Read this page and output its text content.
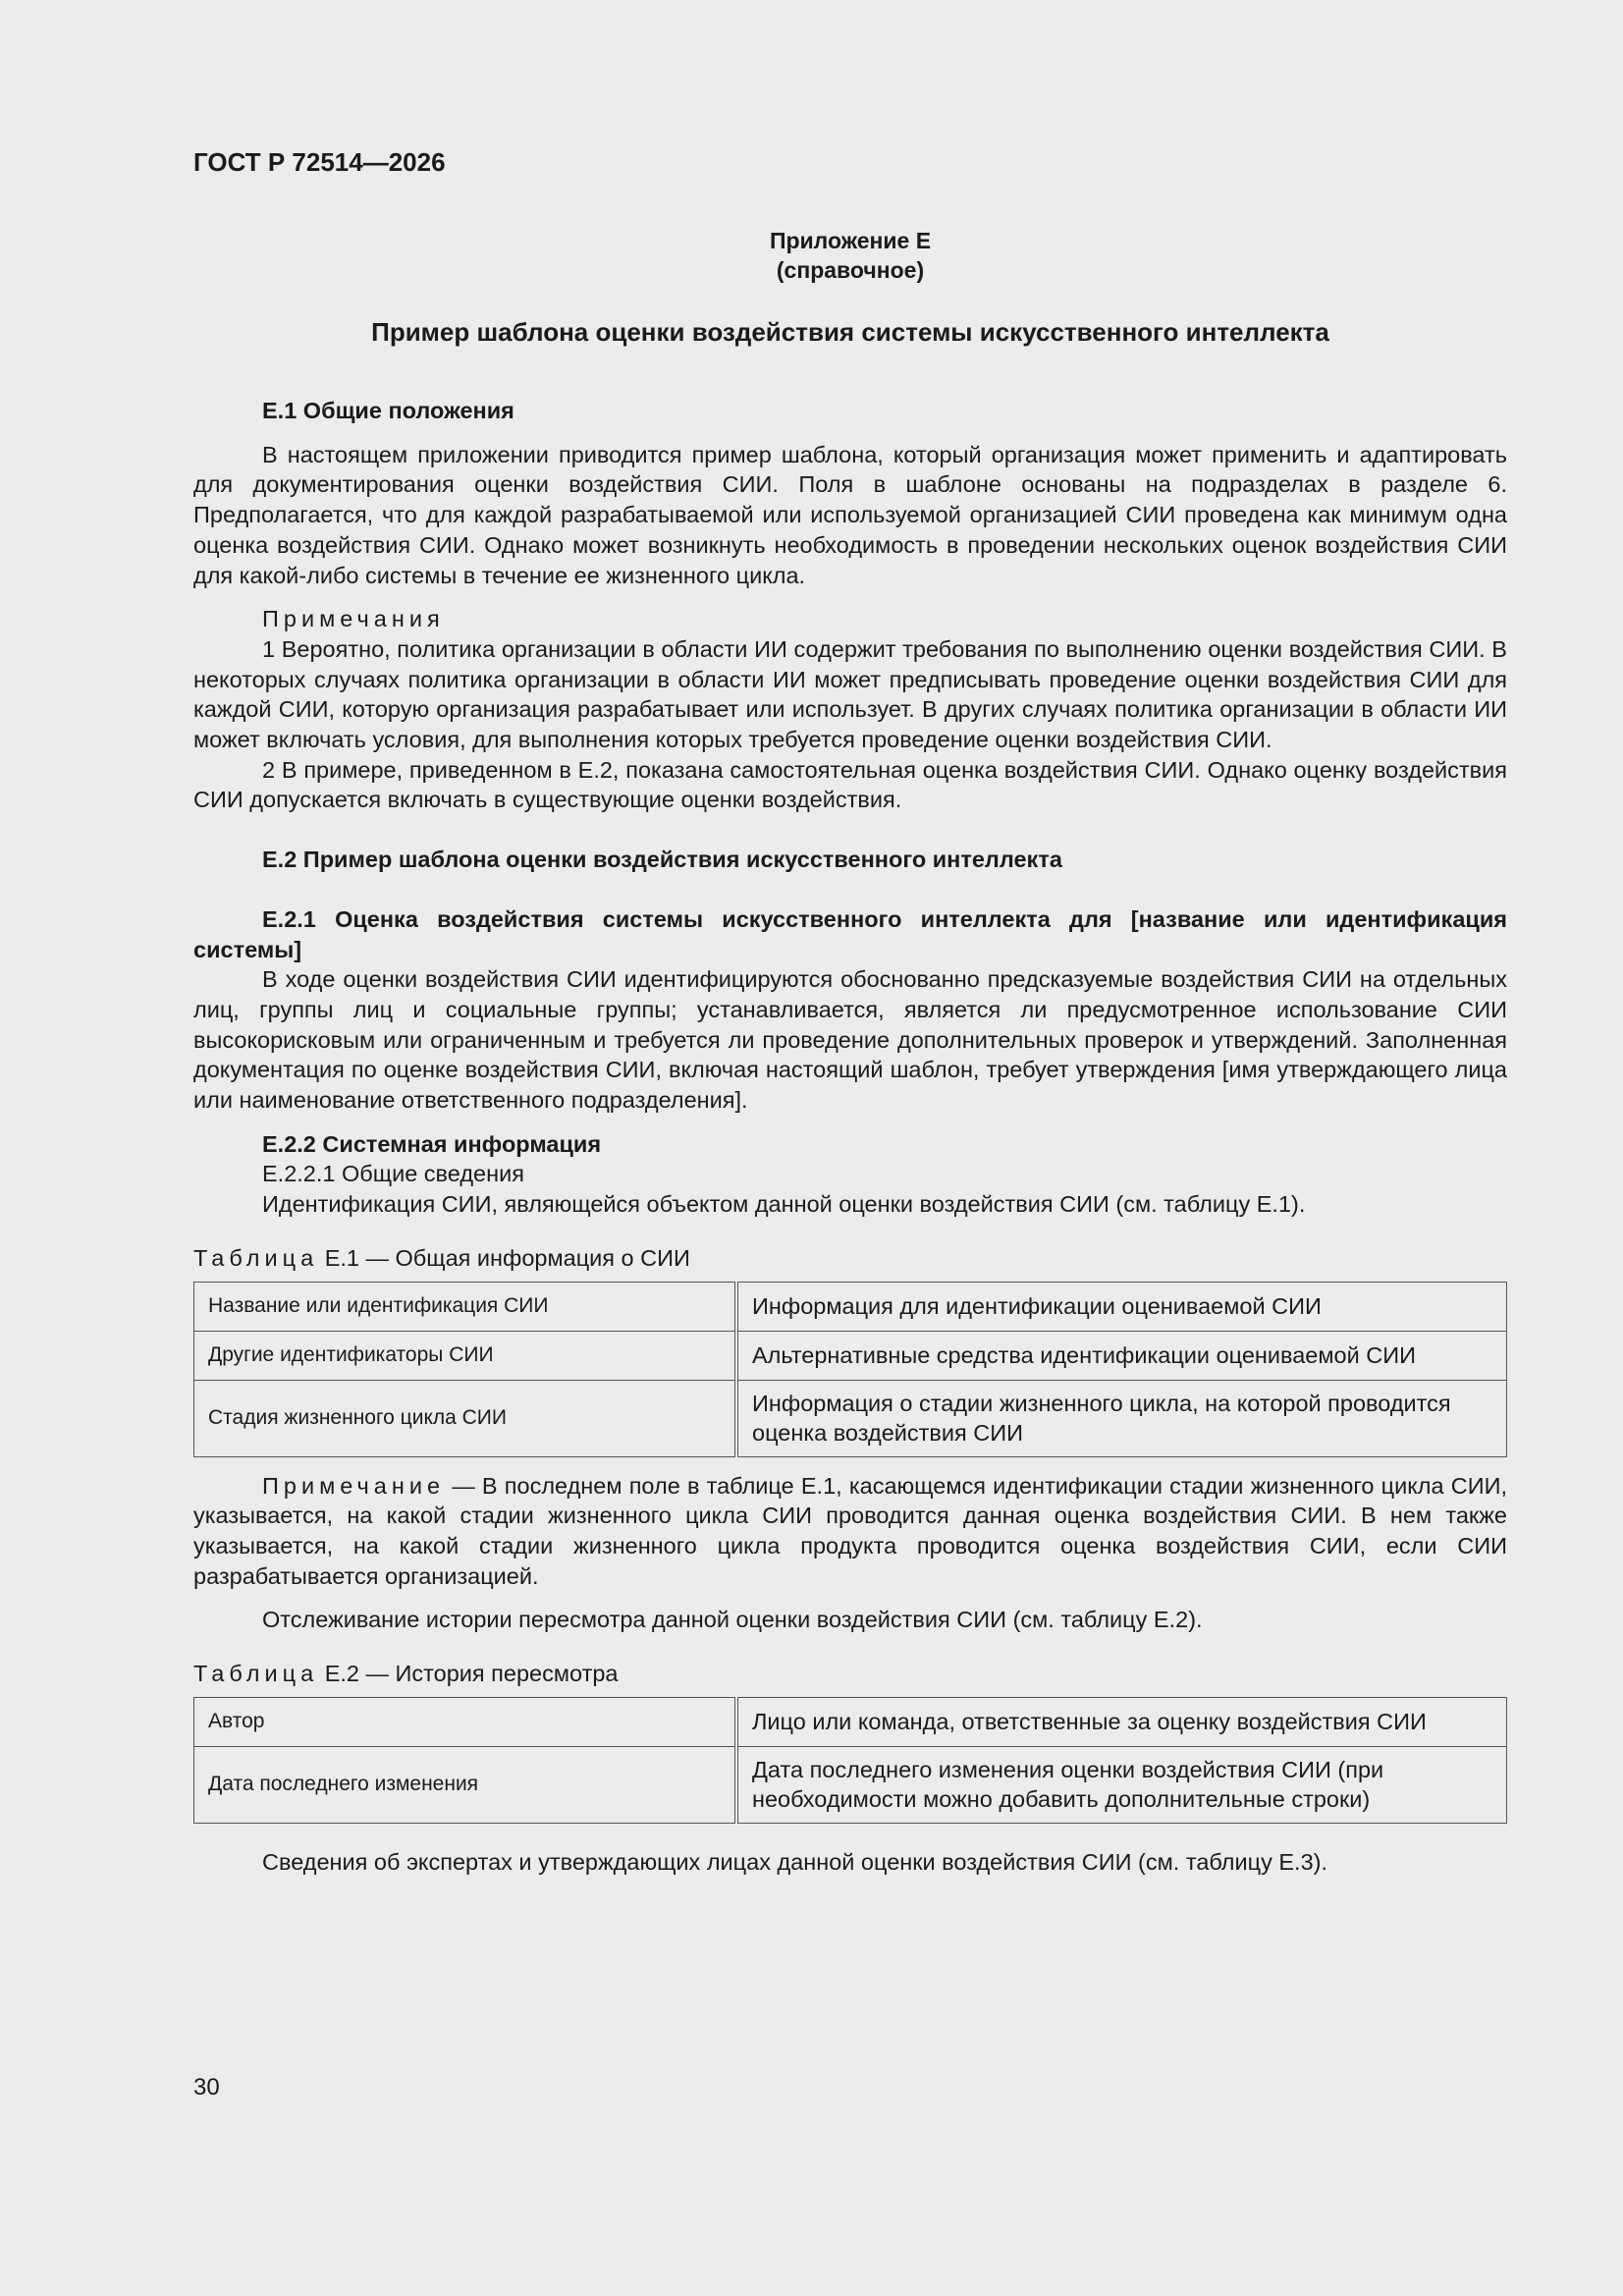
ГОСТ Р 72514—2026
Приложение Е
(справочное)
Пример шаблона оценки воздействия системы искусственного интеллекта

Е.1 Общие положения

В настоящем приложении приводится пример шаблона, который организация может применить и адаптировать для документирования оценки воздействия СИИ. Поля в шаблоне основаны на подразделах в разделе 6. Предполагается, что для каждой разрабатываемой или используемой организацией СИИ проведена как минимум одна оценка воздействия СИИ. Однако может возникнуть необходимость в проведении нескольких оценок воздействия СИИ для какой-либо системы в течение ее жизненного цикла.

Примечания

1 Вероятно, политика организации в области ИИ содержит требования по выполнению оценки воздействия СИИ. В некоторых случаях политика организации в области ИИ может предписывать проведение оценки воздействия СИИ для каждой СИИ, которую организация разрабатывает или использует. В других случаях политика организации в области ИИ может включать условия, для выполнения которых требуется проведение оценки воздействия СИИ.

2 В примере, приведенном в Е.2, показана самостоятельная оценка воздействия СИИ. Однако оценку воздействия СИИ допускается включать в существующие оценки воздействия.

Е.2 Пример шаблона оценки воздействия искусственного интеллекта

Е.2.1 Оценка воздействия системы искусственного интеллекта для [название или идентификация системы]

В ходе оценки воздействия СИИ идентифицируются обоснованно предсказуемые воздействия СИИ на отдельных лиц, группы лиц и социальные группы; устанавливается, является ли предусмотренное использование СИИ высокорисковым или ограниченным и требуется ли проведение дополнительных проверок и утверждений. Заполненная документация по оценке воздействия СИИ, включая настоящий шаблон, требует утверждения [имя утверждающего лица или наименование ответственного подразделения].

Е.2.2 Системная информация

Е.2.2.1 Общие сведения

Идентификация СИИ, являющейся объектом данной оценки воздействия СИИ (см. таблицу Е.1).

Таблица Е.1 — Общая информация о СИИ

Название или идентификация СИИ	Информация для идентификации оцениваемой СИИ
Другие идентификаторы СИИ	Альтернативные средства идентификации оцениваемой СИИ
Стадия жизненного цикла СИИ	Информация о стадии жизненного цикла, на которой проводится оценка воздействия СИИ

Примечание — В последнем поле в таблице Е.1, касающемся идентификации стадии жизненного цикла СИИ, указывается, на какой стадии жизненного цикла СИИ проводится данная оценка воздействия СИИ. В нем также указывается, на какой стадии жизненного цикла продукта проводится оценка воздействия СИИ, если СИИ разрабатывается организацией.

Отслеживание истории пересмотра данной оценки воздействия СИИ (см. таблицу Е.2).

Таблица Е.2 — История пересмотра

Автор	Лицо или команда, ответственные за оценку воздействия СИИ
Дата последнего изменения	Дата последнего изменения оценки воздействия СИИ (при необходимости можно добавить дополнительные строки)

Сведения об экспертах и утверждающих лицах данной оценки воздействия СИИ (см. таблицу Е.3).

30
